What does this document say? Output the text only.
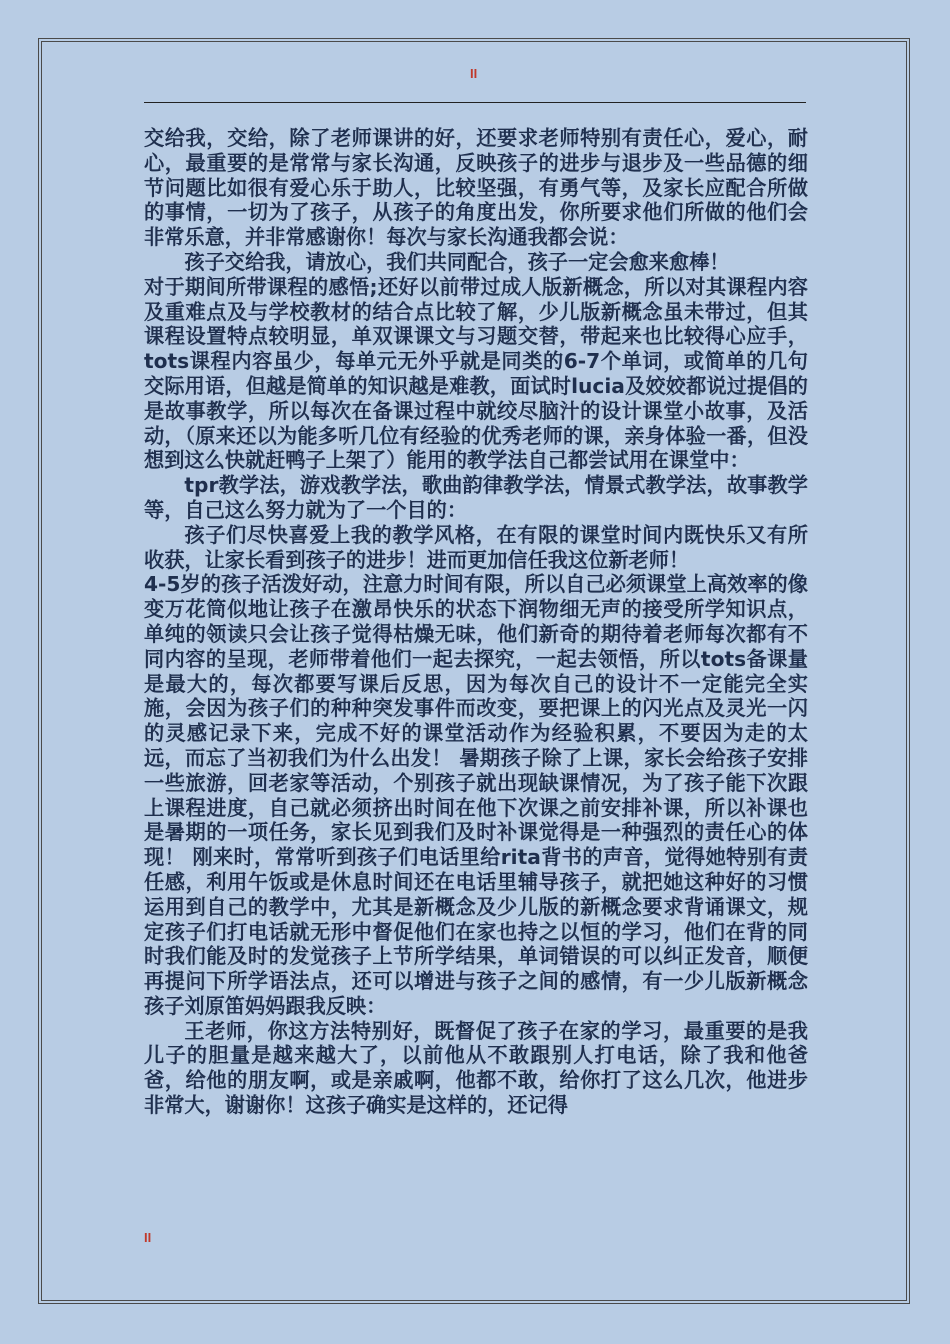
II

交给我，交给，除了老师课讲的好，还要求老师特别有责任心，爱心，耐心，最重要的是常常与家长沟通，反映孩子的进步与退步及一些品德的细节问题比如很有爱心乐于助人，比较坚强，有勇气等，及家长应配合所做的事情，一切为了孩子，从孩子的角度出发，你所要求他们所做的他们会非常乐意，并非常感谢你！每次与家长沟通我都会说：

孩子交给我，请放心，我们共同配合，孩子一定会愈来愈棒！

对于期间所带课程的感悟;还好以前带过成人版新概念，所以对其课程内容及重难点及与学校教材的结合点比较了解，少儿版新概念虽未带过，但其课程设置特点较明显，单双课课文与习题交替，带起来也比较得心应手，tots课程内容虽少，每单元无外乎就是同类的6-7个单词，或简单的几句交际用语，但越是简单的知识越是难教，面试时lucia及姣姣都说过提倡的是故事教学，所以每次在备课过程中就绞尽脑汁的设计课堂小故事，及活动，（原来还以为能多听几位有经验的优秀老师的课，亲身体验一番，但没想到这么快就赶鸭子上架了）能用的教学法自己都尝试用在课堂中：

tpr教学法，游戏教学法，歌曲韵律教学法，情景式教学法，故事教学等，自己这么努力就为了一个目的：

孩子们尽快喜爱上我的教学风格，在有限的课堂时间内既快乐又有所收获，让家长看到孩子的进步！进而更加信任我这位新老师！

4-5岁的孩子活泼好动，注意力时间有限，所以自己必须课堂上高效率的像变万花筒似地让孩子在激昂快乐的状态下润物细无声的接受所学知识点，单纯的领读只会让孩子觉得枯燥无味，他们新奇的期待着老师每次都有不同内容的呈现，老师带着他们一起去探究，一起去领悟，所以tots备课量是最大的，每次都要写课后反思，因为每次自己的设计不一定能完全实施，会因为孩子们的种种突发事件而改变，要把课上的闪光点及灵光一闪的灵感记录下来，完成不好的课堂活动作为经验积累，不要因为走的太远，而忘了当初我们为什么出发！ 暑期孩子除了上课，家长会给孩子安排一些旅游，回老家等活动，个别孩子就出现缺课情况，为了孩子能下次跟上课程进度，自己就必须挤出时间在他下次课之前安排补课，所以补课也是暑期的一项任务，家长见到我们及时补课觉得是一种强烈的责任心的体现！ 刚来时，常常听到孩子们电话里给rita背书的声音，觉得她特别有责任感，利用午饭或是休息时间还在电话里辅导孩子，就把她这种好的习惯运用到自己的教学中，尤其是新概念及少儿版的新概念要求背诵课文，规定孩子们打电话就无形中督促他们在家也持之以恒的学习，他们在背的同时我们能及时的发觉孩子上节所学结果，单词错误的可以纠正发音，顺便再提问下所学语法点，还可以增进与孩子之间的感情，有一少儿版新概念孩子刘原笛妈妈跟我反映：

王老师，你这方法特别好，既督促了孩子在家的学习，最重要的是我儿子的胆量是越来越大了，以前他从不敢跟别人打电话，除了我和他爸爸，给他的朋友啊，或是亲戚啊，他都不敢，给你打了这么几次，他进步非常大，谢谢你！这孩子确实是这样的，还记得

II
